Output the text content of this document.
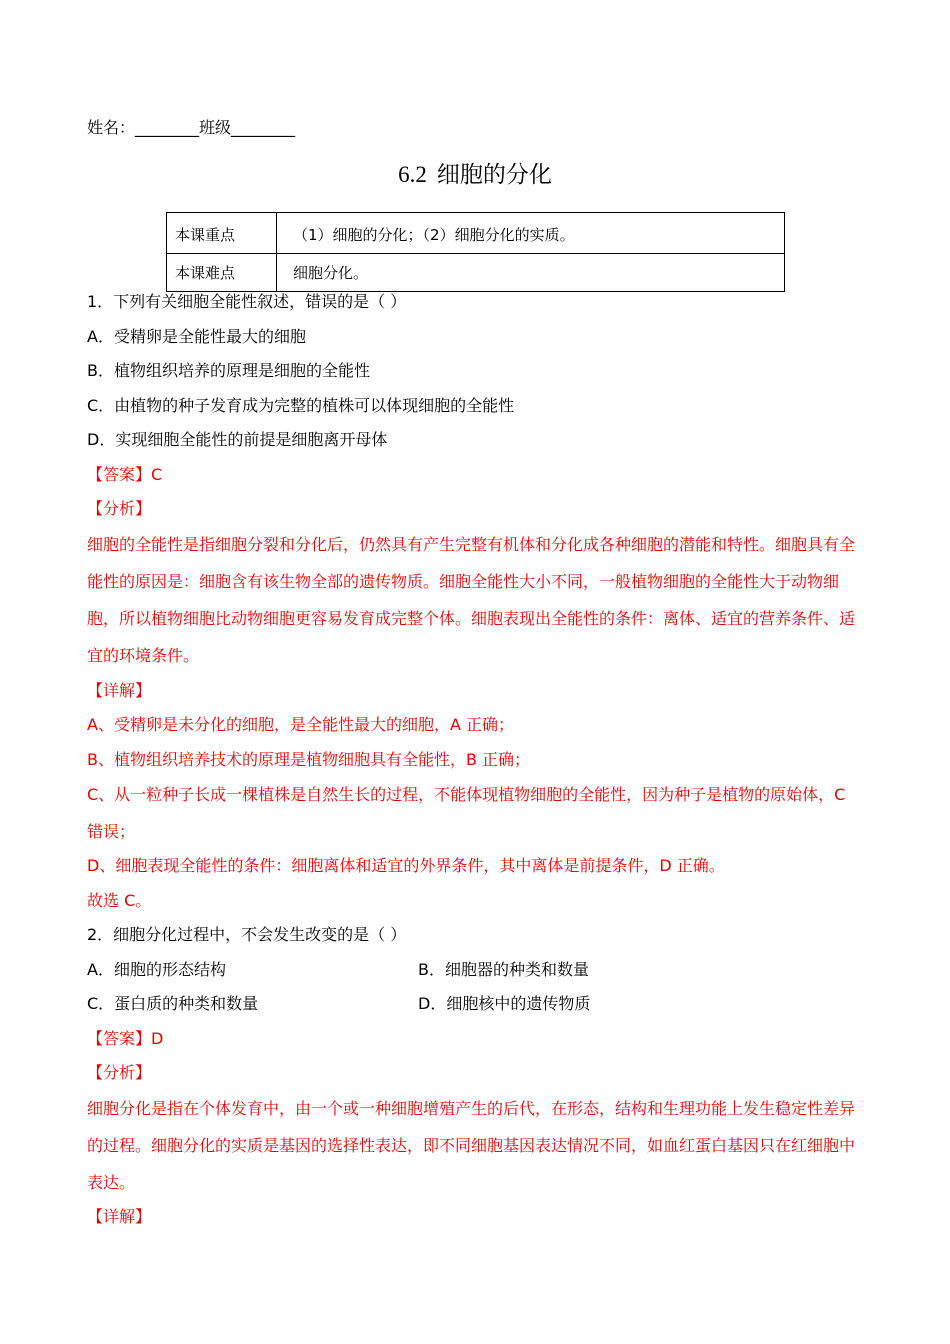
姓名：________班级________
6.2 细胞的分化
本课重点	（1）细胞的分化；（2）细胞分化的实质。
本课难点	细胞分化。
1．下列有关细胞全能性叙述，错误的是（ ）
A．受精卵是全能性最大的细胞
B．植物组织培养的原理是细胞的全能性
C．由植物的种子发育成为完整的植株可以体现细胞的全能性
D．实现细胞全能性的前提是细胞离开母体
【答案】C
【分析】
细胞的全能性是指细胞分裂和分化后，仍然具有产生完整有机体和分化成各种细胞的潜能和特性。细胞具有全能性的原因是：细胞含有该生物全部的遗传物质。细胞全能性大小不同，一般植物细胞的全能性大于动物细胞，所以植物细胞比动物细胞更容易发育成完整个体。细胞表现出全能性的条件：离体、适宜的营养条件、适宜的环境条件。
【详解】
A、受精卵是未分化的细胞，是全能性最大的细胞，A 正确；
B、植物组织培养技术的原理是植物细胞具有全能性，B 正确；
C、从一粒种子长成一棵植株是自然生长的过程，不能体现植物细胞的全能性，因为种子是植物的原始体，C 错误；
D、细胞表现全能性的条件：细胞离体和适宜的外界条件，其中离体是前提条件，D 正确。
故选 C。
2．细胞分化过程中，不会发生改变的是（ ）
A．细胞的形态结构	B．细胞器的种类和数量
C．蛋白质的种类和数量	D．细胞核中的遗传物质
【答案】D
【分析】
细胞分化是指在个体发育中，由一个或一种细胞增殖产生的后代，在形态，结构和生理功能上发生稳定性差异的过程。细胞分化的实质是基因的选择性表达，即不同细胞基因表达情况不同，如血红蛋白基因只在红细胞中表达。
【详解】
